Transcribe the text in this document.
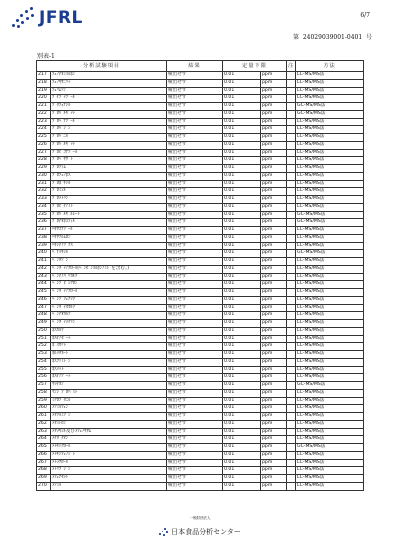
JFRL	6/7
第 24029039001-0401 号
別表-1
分析試験項目		結果	定量下限		注	方法
217	ﾌｪﾉﾁｵﾝｽﾙﾎﾝ	検出せず	0.01	ppm		LC-MS/MS法
218	ﾌｪﾉｷｻﾆﾘﾄﾞ	検出せず	0.01	ppm		LC-MS/MS法
219	ﾌｪﾘﾑｿﾝ	検出せず	0.01	ppm		LC-MS/MS法
220	ﾌﾞﾁﾌﾟｲｿﾞｰﾙ	検出せず	0.01	ppm		LC-MS/MS法
221	ﾌﾞﾀﾌｪﾅｼﾙ	検出せず	0.01	ppm		GC-MS/MS法
222	ﾌﾟﾛﾊﾟﾙｷﾞｯﾄ	検出せず	0.01	ppm		GC-MS/MS法
223	ﾌﾟﾛﾍﾞﾅｿﾞｰﾙ	検出せず	0.01	ppm		LC-MS/MS法
224	ﾌﾟﾛﾊﾟｼﾞﾝ	検出せず	0.01	ppm		LC-MS/MS法
225	ﾌﾟﾛﾊﾟﾆﾙ	検出せず	0.01	ppm		LC-MS/MS法
226	ﾌﾟﾛﾊﾟﾙｷﾞｯﾄ	検出せず	0.01	ppm		LC-MS/MS法
227	ﾌﾟﾛﾋﾟｺﾅｿﾞｰﾙ	検出せず	0.01	ppm		LC-MS/MS法
228	ﾌﾟﾛﾍﾟｷｻﾞﾄﾞ	検出せず	0.01	ppm		LC-MS/MS法
229	ﾌﾟﾛﾌｧﾑ	検出せず	0.01	ppm		LC-MS/MS法
230	ﾌﾟﾛﾌｪﾉﾎｽ	検出せず	0.01	ppm		LC-MS/MS法
231	ﾌﾟﾛﾎﾟｷｼﾙ	検出せず	0.01	ppm		LC-MS/MS法
232	ﾌﾟﾛﾐｼﾙ	検出せず	0.01	ppm		LC-MS/MS法
233	ﾌﾟﾛﾒﾄﾘﾝ	検出せず	0.01	ppm		LC-MS/MS法
234	ﾌﾟﾛﾋﾟﾁｱﾐﾄﾞ	検出せず	0.01	ppm		LC-MS/MS法
235	ﾌﾟﾛﾊﾟﾙｷﾞﾙﾚｰﾄ	検出せず	0.01	ppm		GC-MS/MS法
236	ﾌﾟﾛﾁｵﾎｽﾌｨﾙ	検出せず	0.01	ppm		GC-MS/MS法
237	ﾍｷｻｺﾅｿﾞｰﾙ	検出せず	0.01	ppm		LC-MS/MS法
238	ﾍｷｻﾌﾙﾑﾛﾝ	検出せず	0.01	ppm		LC-MS/MS法
239	ﾍｷｼﾁｱｿﾞｸｽ	検出せず	0.01	ppm		LC-MS/MS法
240	ﾍﾞﾅﾗｷｼﾙ	検出せず	0.01	ppm		GC-MS/MS法
241	ﾍﾞﾝﾀｿﾞﾝ	検出せず	0.01	ppm		LC-MS/MS法
242	ﾍﾞﾝﾀﾞｲｱｸﾛｰﾙ(ﾍﾞﾝｾﾞﾝｽﾙﾎﾝｱﾐﾄﾞを含む。)	検出せず	0.01	ppm		LC-MS/MS法
243	ﾍﾞﾝﾁｱﾊﾞﾘｶﾙﾌﾞ	検出せず	0.01	ppm		LC-MS/MS法
244	ﾍﾞﾝｿﾞﾋﾞｼｸﾛﾝ	検出せず	0.01	ppm		LC-MS/MS法
245	ﾍﾞﾝﾀﾞｲｱｸﾛｰﾙ	検出せず	0.01	ppm		LC-MS/MS法
246	ﾍﾞﾝｿﾞﾌｪﾅｯﾌﾟ	検出せず	0.01	ppm		LC-MS/MS法
247	ﾍﾞﾝﾀﾞｲｵｶﾙﾌﾞ	検出せず	0.01	ppm		LC-MS/MS法
248	ﾍﾞﾝﾁｵｶﾙﾌﾞ	検出せず	0.01	ppm		LC-MS/MS法
249	ﾍﾞﾝﾀﾞｲﾒｸﾘﾝ	検出せず	0.01	ppm		LC-MS/MS法
250	ﾎｽｶﾙﾌﾞ	検出せず	0.01	ppm		LC-MS/MS法
251	ﾎｽﾁｱｾﾞｰﾄ	検出せず	0.01	ppm		LC-MS/MS法
252	ﾎﾞｽｶﾘﾄﾞ	検出せず	0.01	ppm		LC-MS/MS法
253	ﾎﾙﾒﾀﾈｰﾄ	検出せず	0.01	ppm		LC-MS/MS法
254	ﾎｽﾌｧﾐﾄﾞﾝ	検出せず	0.01	ppm		LC-MS/MS法
255	ﾎｽﾒｯﾄ	検出せず	0.01	ppm		LC-MS/MS法
256	ﾎｽﾁｱｿﾞｰﾄ	検出せず	0.01	ppm		LC-MS/MS法
257	ﾏﾗﾁｵﾝ	検出せず	0.01	ppm		GC-MS/MS法
258	ﾏﾝｼﾞﾌﾟﾛﾊﾟﾐﾄﾞ	検出せず	0.01	ppm		LC-MS/MS法
259	ﾐｸﾛﾌﾞﾀﾆﾙ	検出せず	0.01	ppm		LC-MS/MS法
260	ﾒｿﾐﾙﾌｪﾝ	検出せず	0.01	ppm		LC-MS/MS法
261	ﾒﾀﾌﾙﾐｿﾞﾝ	検出せず	0.01	ppm		LC-MS/MS法
262	ﾒﾀﾐﾄﾛﾝ	検出せず	0.01	ppm		LC-MS/MS法
263	ﾒﾀﾗｷｼﾙ及びﾒﾌｪﾉｷｻﾑ	検出せず	0.01	ppm		LC-MS/MS法
264	ﾒﾁﾀﾞﾁｵﾝ	検出せず	0.01	ppm		LC-MS/MS法
265	ﾒﾄｷｼｸﾛｰﾙ	検出せず	0.01	ppm		GC-MS/MS法
266	ﾒﾄｷｼﾌｪﾉｼﾞﾄﾞ	検出せず	0.01	ppm		LC-MS/MS法
267	ﾒﾄﾗｸﾛｰﾙ	検出せず	0.01	ppm		LC-MS/MS法
268	ﾒﾄﾘﾌﾞｼﾞﾝ	検出せず	0.01	ppm		LC-MS/MS法
269	ﾒﾌｪﾅｾｯﾄ	検出せず	0.01	ppm		LC-MS/MS法
270	ﾒｿﾐﾙ	検出せず	0.01	ppm		LC-MS/MS法
一般財団法人
日本食品分析センター
